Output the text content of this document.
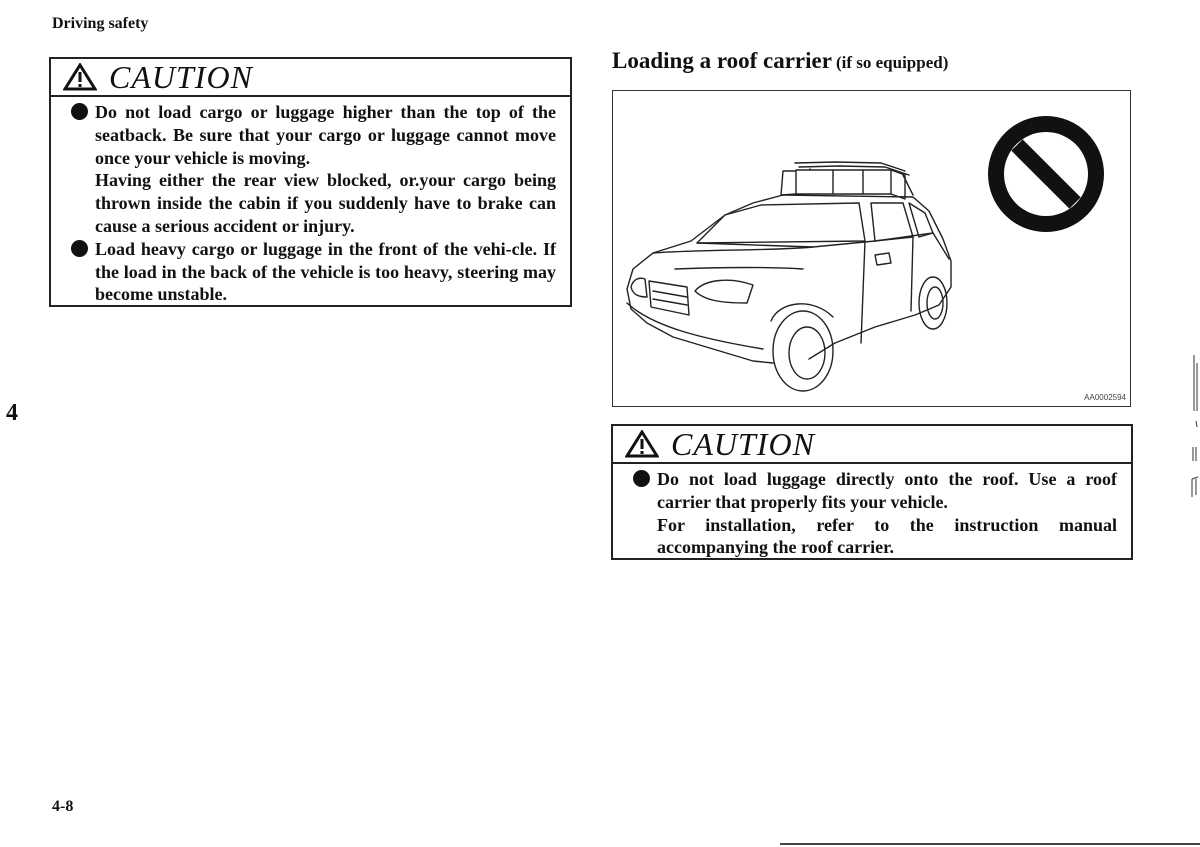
Driving safety
4
CAUTION

Do not load cargo or luggage higher than the top of the seatback. Be sure that your cargo or luggage cannot move once your vehicle is moving.

Having either the rear view blocked, or.your cargo being thrown inside the cabin if you suddenly have to brake can cause a serious accident or injury.

Load heavy cargo or luggage in the front of the vehi-cle. If the load in the back of the vehicle is too heavy, steering may become unstable.

Loading a roof carrier (if so equipped)
AA0002594
CAUTION

Do not load luggage directly onto the roof. Use a roof carrier that properly fits your vehicle.

For installation, refer to the instruction manual accompanying the roof carrier.

4-8
